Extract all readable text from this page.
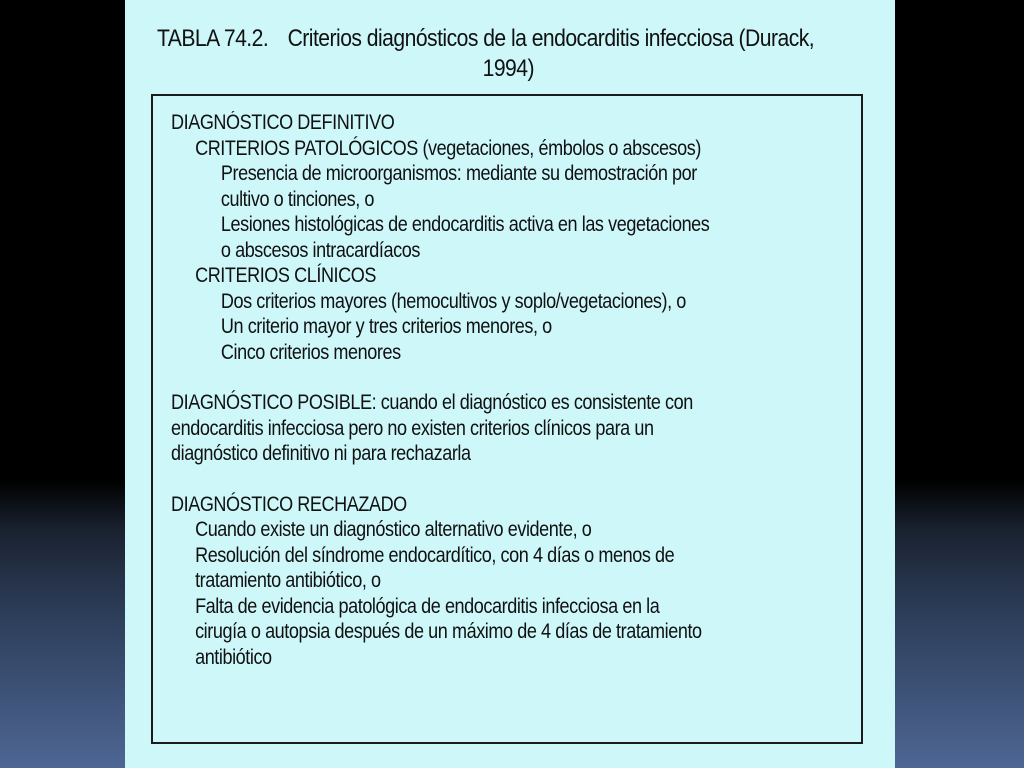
TABLA 74.2. Criterios diagnósticos de la endocarditis infecciosa (Durack,
1994)
DIAGNÓSTICO DEFINITIVO
CRITERIOS PATOLÓGICOS (vegetaciones, émbolos o abscesos)
Presencia de microorganismos: mediante su demostración por
cultivo o tinciones, o
Lesiones histológicas de endocarditis activa en las vegetaciones
o abscesos intracardíacos
CRITERIOS CLÍNICOS
Dos criterios mayores (hemocultivos y soplo/vegetaciones), o
Un criterio mayor y tres criterios menores, o
Cinco criterios menores
DIAGNÓSTICO POSIBLE: cuando el diagnóstico es consistente con
endocarditis infecciosa pero no existen criterios clínicos para un
diagnóstico definitivo ni para rechazarla
DIAGNÓSTICO RECHAZADO
Cuando existe un diagnóstico alternativo evidente, o
Resolución del síndrome endocardítico, con 4 días o menos de
tratamiento antibiótico, o
Falta de evidencia patológica de endocarditis infecciosa en la
cirugía o autopsia después de un máximo de 4 días de tratamiento
antibiótico
